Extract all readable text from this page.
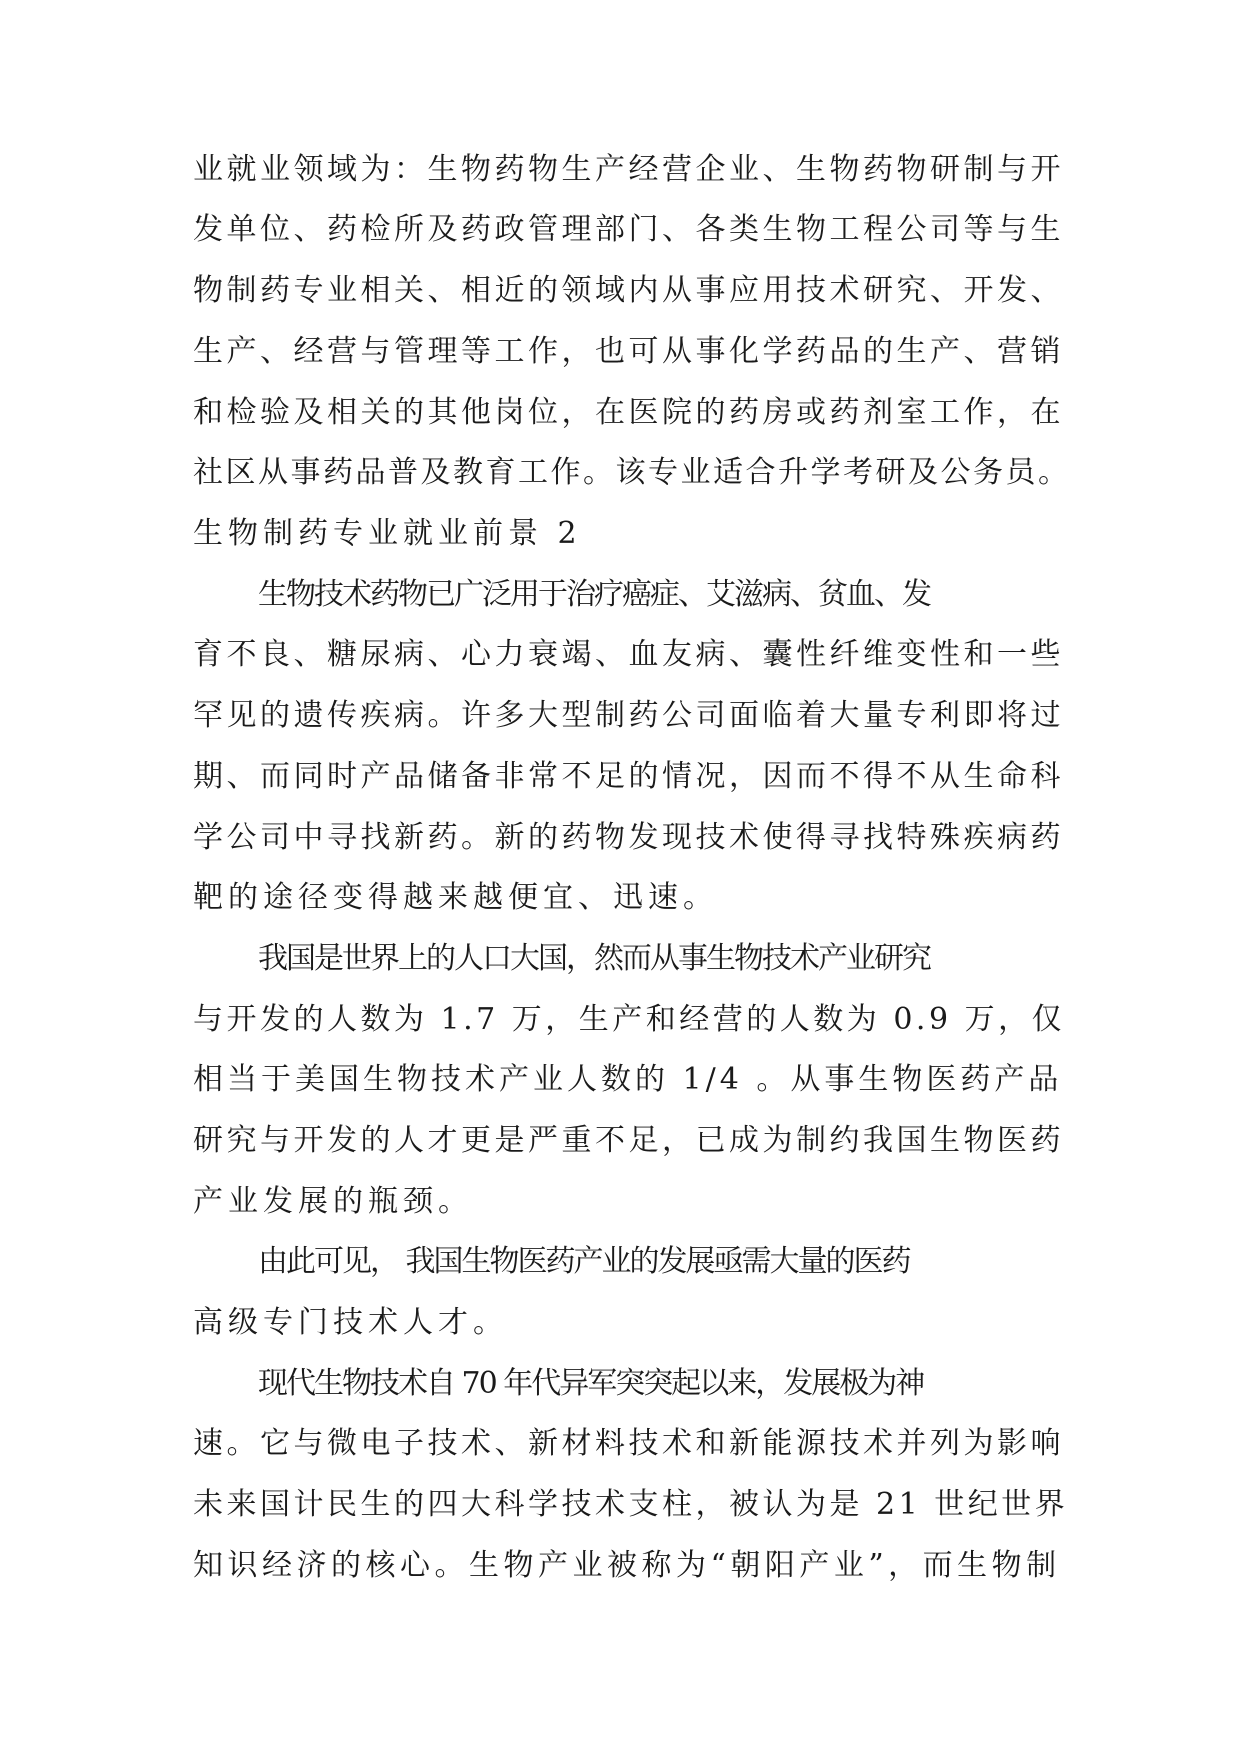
业就业领域为：生物药物生产经营企业、生物药物研制与开
发单位、药检所及药政管理部门、各类生物工程公司等与生
物制药专业相关、相近的领域内从事应用技术研究、开发、
生产、经营与管理等工作，也可从事化学药品的生产、营销
和检验及相关的其他岗位，在医院的药房或药剂室工作，在
社区从事药品普及教育工作。该专业适合升学考研及公务员。
生物制药专业就业前景 2
生物技术药物已广泛用于治疗癌症、艾滋病、贫血、发
育不良、糖尿病、心力衰竭、血友病、囊性纤维变性和一些
罕见的遗传疾病。许多大型制药公司面临着大量专利即将过
期、而同时产品储备非常不足的情况，因而不得不从生命科
学公司中寻找新药。新的药物发现技术使得寻找特殊疾病药
靶的途径变得越来越便宜、迅速。
我国是世界上的人口大国，然而从事生物技术产业研究
与开发的人数为 1.7 万，生产和经营的人数为 0.9 万，仅
相当于美国生物技术产业人数的 1/4 。从事生物医药产品
研究与开发的人才更是严重不足，已成为制约我国生物医药
产业发展的瓶颈。
由此可见， 我国生物医药产业的发展亟需大量的医药
高级专门技术人才。
现代生物技术自 70 年代异军突突起以来，发展极为神
速。它与微电子技术、新材料技术和新能源技术并列为影响
未来国计民生的四大科学技术支柱，被认为是 21 世纪世界
知识经济的核心。生物产业被称为“朝阳产业”，而生物制
